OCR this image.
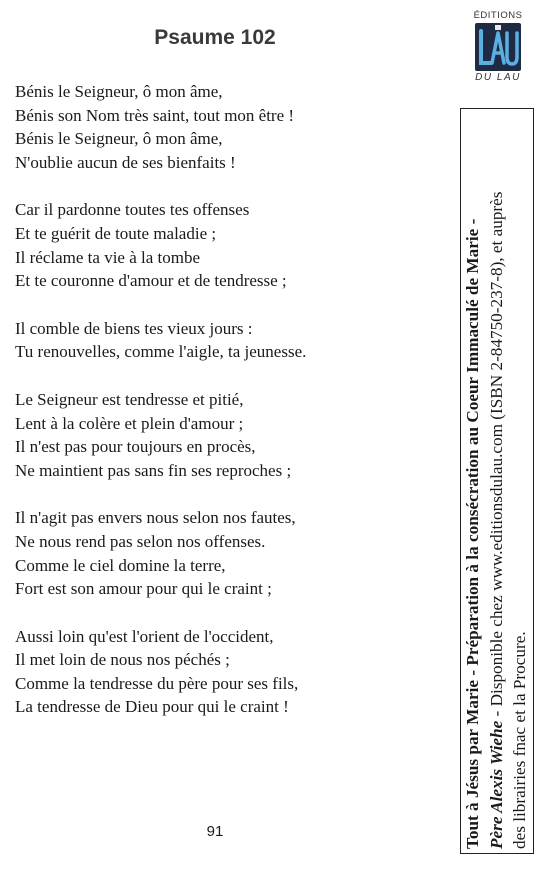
Psaume 102
Bénis le Seigneur, ô mon âme,
Bénis son Nom très saint, tout mon être !
Bénis le Seigneur, ô mon âme,
N'oublie aucun de ses bienfaits !
Car il pardonne toutes tes offenses
Et te guérit de toute maladie ;
Il réclame ta vie à la tombe
Et te couronne d'amour et de tendresse ;
Il comble de biens tes vieux jours :
Tu renouvelles, comme l'aigle, ta jeunesse.
Le Seigneur est tendresse et pitié,
Lent à la colère et plein d'amour ;
Il n'est pas pour toujours en procès,
Ne maintient pas sans fin ses reproches ;
Il n'agit pas envers nous selon nos fautes,
Ne nous rend pas selon nos offenses.
Comme le ciel domine la terre,
Fort est son amour pour qui le craint ;
Aussi loin qu'est l'orient de l'occident,
Il met loin de nous nos péchés ;
Comme la tendresse du père pour ses fils,
La tendresse de Dieu pour qui le craint !
91
ÉDITIONS
DU LAU
Tout à Jésus par Marie - Préparation à la consécration au Coeur Immaculé de Marie - Père Alexis Wiehe - Disponible chez www.editionsdulau.com (ISBN 2-84750-237-8), et auprès
des librairies fnac et la Procure.
